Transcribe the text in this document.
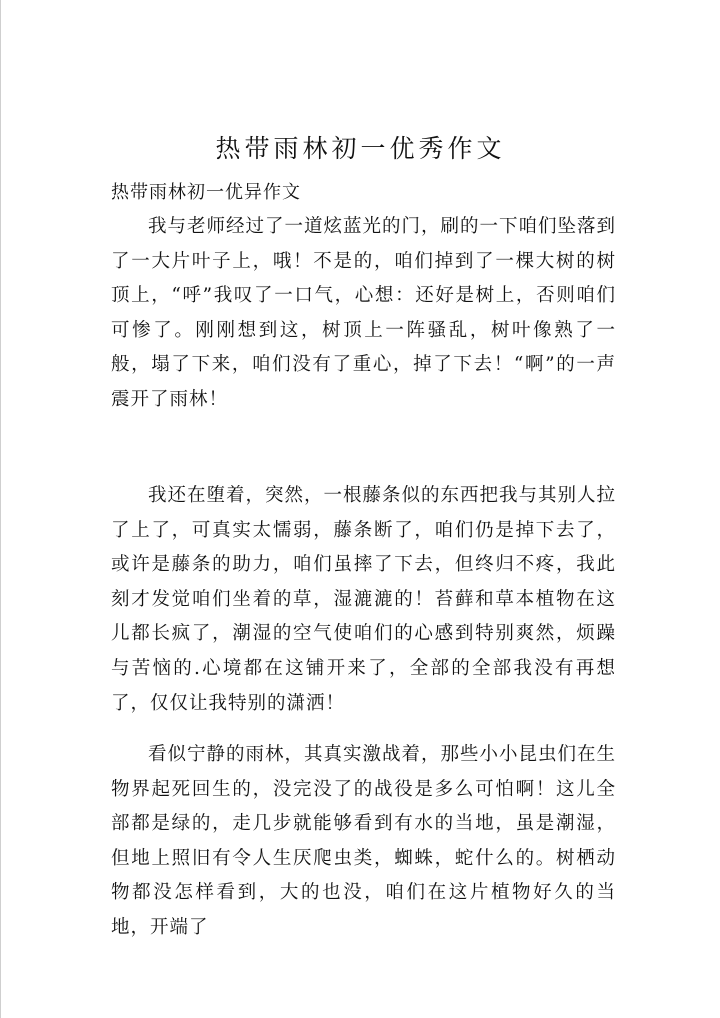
热带雨林初一优秀作文
热带雨林初一优异作文

我与老师经过了一道炫蓝光的门，刷的一下咱们坠落到了一大片叶子上，哦！不是的，咱们掉到了一棵大树的树顶上，“呼”我叹了一口气，心想：还好是树上，否则咱们可惨了。刚刚想到这，树顶上一阵骚乱，树叶像熟了一般，塌了下来，咱们没有了重心，掉了下去！“啊”的一声震开了雨林！

我还在堕着，突然，一根藤条似的东西把我与其别人拉了上了，可真实太懦弱，藤条断了，咱们仍是掉下去了，或许是藤条的助力，咱们虽摔了下去，但终归不疼，我此刻才发觉咱们坐着的草，湿漉漉的！苔藓和草本植物在这儿都长疯了，潮湿的空气使咱们的心感到特别爽然，烦躁与苦恼的.心境都在这铺开来了，全部的全部我没有再想了，仅仅让我特别的潇洒！

看似宁静的雨林，其真实激战着，那些小小昆虫们在生物界起死回生的，没完没了的战役是多么可怕啊！这儿全部都是绿的，走几步就能够看到有水的当地，虽是潮湿，但地上照旧有令人生厌爬虫类，蜘蛛，蛇什么的。树栖动物都没怎样看到，大的也没，咱们在这片植物好久的当地，开端了
